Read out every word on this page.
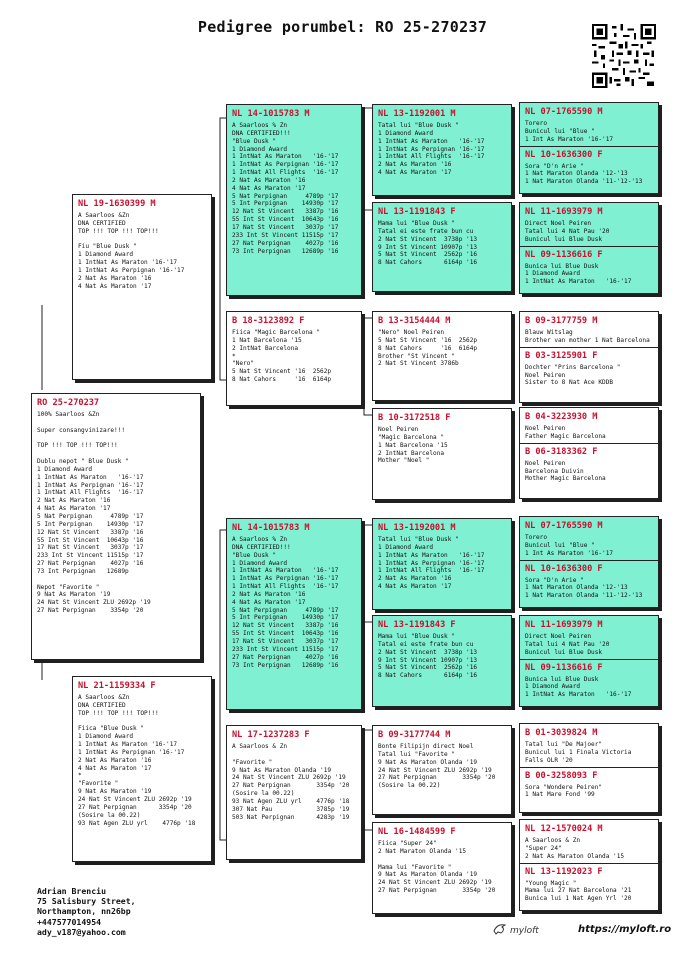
Pedigree porumbel: RO 25-270237
RO 25-270237
100% Saarloos &Zn

Super consangvinizare!!!

TOP !!! TOP !!! TOP!!!

Dublu nepot " Blue Dusk "
1 Diamond Award
1 IntNat As Maraton   '16-'17
1 IntNat As Perpignan '16-'17
1 IntNat All Flights  '16-'17
2 Nat As Maraton '16
4 Nat As Maraton '17
5 Nat Perpignan     4789p '17
5 Int Perpignan    14930p '17
12 Nat St Vincent   3387p '16
55 Int St Vincent  10643p '16
17 Nat St Vincent   3037p '17
233 Int St Vincent 11515p '17
27 Nat Perpignan    4027p '16
73 Int Perpignan   12689p

Nepot "Favorite "
9 Nat As Maraton '19
24 Nat St Vincent ZLU 2692p '19
27 Nat Perpignan    3354p '20
NL 19-1630399 M
A Saarloos &Zn
DNA CERTIFIED
TOP !!! TOP !!! TOP!!!

Fiu "Blue Dusk "
1 Diamond Award
1 IntNat As Maraton '16-'17
1 IntNat As Perpignan '16-'17
2 Nat As Maraton '16
4 Nat As Maraton '17
NL 21-1159334 F
A Saarloos &Zn
DNA CERTIFIED
TOP !!! TOP !!! TOP!!!

Fiica "Blue Dusk "
1 Diamond Award
1 IntNat As Maraton '16-'17
1 IntNat As Perpignan '16-'17
2 Nat As Maraton '16
4 Nat As Maraton '17
*
"Favorite "
9 Nat As Maraton '19
24 Nat St Vincent ZLU 2692p '19
27 Nat Perpignan      3354p '20
(Sosire la 00.22)
93 Nat Agen ZLU yrl    4776p '18
NL 14-1015783 M
A Saarloos % Zn
DNA CERTIFIED!!!
"Blue Dusk "
1 Diamond Award
1 IntNat As Maraton   '16-'17
1 IntNat As Perpignan '16-'17
1 IntNat All Flights  '16-'17
2 Nat As Maraton '16
4 Nat As Maraton '17
5 Nat Perpignan     4789p '17
5 Int Perpignan    14930p '17
12 Nat St Vincent   3387p '16
55 Int St Vincent  10643p '16
17 Nat St Vincent   3037p '17
233 Int St Vincent 11515p '17
27 Nat Perpignan    4027p '16
73 Int Perpignan   12689p '16
B 18-3123892 F
Fiica "Magic Barcelona "
1 Nat Barcelona '15
2 IntNat Barcelona
*
"Nero"
5 Nat St Vincent '16  2562p
8 Nat Cahors     '16  6164p
NL 14-1015783 M
A Saarloos % Zn
DNA CERTIFIED!!!
"Blue Dusk "
1 Diamond Award
1 IntNat As Maraton   '16-'17
1 IntNat As Perpignan '16-'17
1 IntNat All Flights  '16-'17
2 Nat As Maraton '16
4 Nat As Maraton '17
5 Nat Perpignan     4789p '17
5 Int Perpignan    14930p '17
12 Nat St Vincent   3387p '16
55 Int St Vincent  10643p '16
17 Nat St Vincent   3037p '17
233 Int St Vincent 11515p '17
27 Nat Perpignan    4027p '16
73 Int Perpignan   12689p '16
NL 17-1237283 F
A Saarloos & Zn

"Favorite "
9 Nat As Maraton Olanda '19
24 Nat St Vincent ZLU 2692p '19
27 Nat Perpignan       3354p '20
(Sosire la 00.22)
93 Nat Agen ZLU yrl    4776p '18
307 Nat Pau            3785p '19
503 Nat Perpignan      4283p '19
NL 13-1192001 M
Tatal lui "Blue Dusk "
1 Diamond Award
1 IntNat As Maraton   '16-'17
1 IntNat As Perpignan '16-'17
1 IntNat All Flights  '16-'17
2 Nat As Maraton '16
4 Nat As Maraton '17
NL 13-1191843 F
Mama lui "Blue Dusk "
Tatal ei este frate bun cu
2 Nat St Vincent  3738p '13
9 Int St Vincent 10907p '13
5 Nat St Vincent  2562p '16
8 Nat Cahors      6164p '16
B 13-3154444 M
"Nero" Noel Peiren
5 Nat St Vincent '16  2562p
8 Nat Cahors     '16  6164p
Brother "St Vincent "
2 Nat St Vincent 3786b
B 10-3172518 F
Noel Peiren
"Magic Barcelona "
1 Nat Barcelona '15
2 IntNat Barcelona
Mother "Noel "
NL 13-1192001 M
Tatal lui "Blue Dusk "
1 Diamond Award
1 IntNat As Maraton   '16-'17
1 IntNat As Perpignan '16-'17
1 IntNat All Flights  '16-'17
2 Nat As Maraton '16
4 Nat As Maraton '17
NL 13-1191843 F
Mama lui "Blue Dusk "
Tatal ei este frate bun cu
2 Nat St Vincent  3738p '13
9 Int St Vincent 10907p '13
5 Nat St Vincent  2562p '16
8 Nat Cahors      6164p '16
B 09-3177744 M
Bonte Filipijn direct Noel
Tatal lui "Favorite "
9 Nat As Maraton Olanda '19
24 Nat St Vincent ZLU 2692p '19
27 Nat Perpignan       3354p '20
(Sosire la 00.22)
NL 16-1484599 F
Fiica "Super 24"
2 Nat Maraton Olanda '15

Mama lui "Favorite "
9 Nat As Maraton Olanda '19
24 Nat St Vincent ZLU 2692p '19
27 Nat Perpignan       3354p '20
NL 07-1765590 M
Torero
Bunicul lui "Blue "
1 Int As Maraton '16-'17
NL 10-1636300 F
Sora "D'n Arie "
1 Nat Maraton Olanda '12-'13
1 Nat Maraton Olanda '11-'12-'13
NL 11-1693979 M
Direct Noel Peiren
Tatal lui 4 Nat Pau '20
Bunicul lui Blue Dusk
NL 09-1136616 F
Bunica lui Blue Dusk
1 Diamond Award
1 IntNat As Maraton   '16-'17
B 09-3177759 M
Blauw Witslag
Brother van mother 1 Nat Barcelona
B 03-3125901 F
Dochter "Prins Barcelona "
Noel Peiren
Sister to 8 Nat Ace KDDB
B 04-3223930 M
Noel Peiren
Father Magic Barcelona
B 06-3183362 F
Noel Peiren
Barcelona Duivin
Mother Magic Barcelona
NL 07-1765590 M
Torero
Bunicul lui "Blue "
1 Int As Maraton '16-'17
NL 10-1636300 F
Sora "D'n Arie "
1 Nat Maraton Olanda '12-'13
1 Nat Maraton Olanda '11-'12-'13
NL 11-1693979 M
Direct Noel Peiren
Tatal lui 4 Nat Pau '20
Bunicul lui Blue Dusk
NL 09-1136616 F
Bunica lui Blue Dusk
1 Diamond Award
1 IntNat As Maraton   '16-'17
B 01-3039824 M
Tatal lui "De Majoer"
Bunicul lui 1 Finala Victoria
Falls OLR '20
B 00-3258093 F
Sora "Wondere Peiren"
1 Nat Mare Fond '99
NL 12-1570024 M
A Saarloos & Zn
"Super 24"
2 Nat As Maraton Olanda '15
NL 13-1192023 F
"Young Magic "
Mama lui 27 Nat Barcelona '21
Bunica lui 1 Nat Agen Yrl '20
Adrian Brenciu
75 Salisbury Street,
Northampton, nn26bp
+447577014954
ady_v187@yahoo.com	myloft	https://myloft.ro
